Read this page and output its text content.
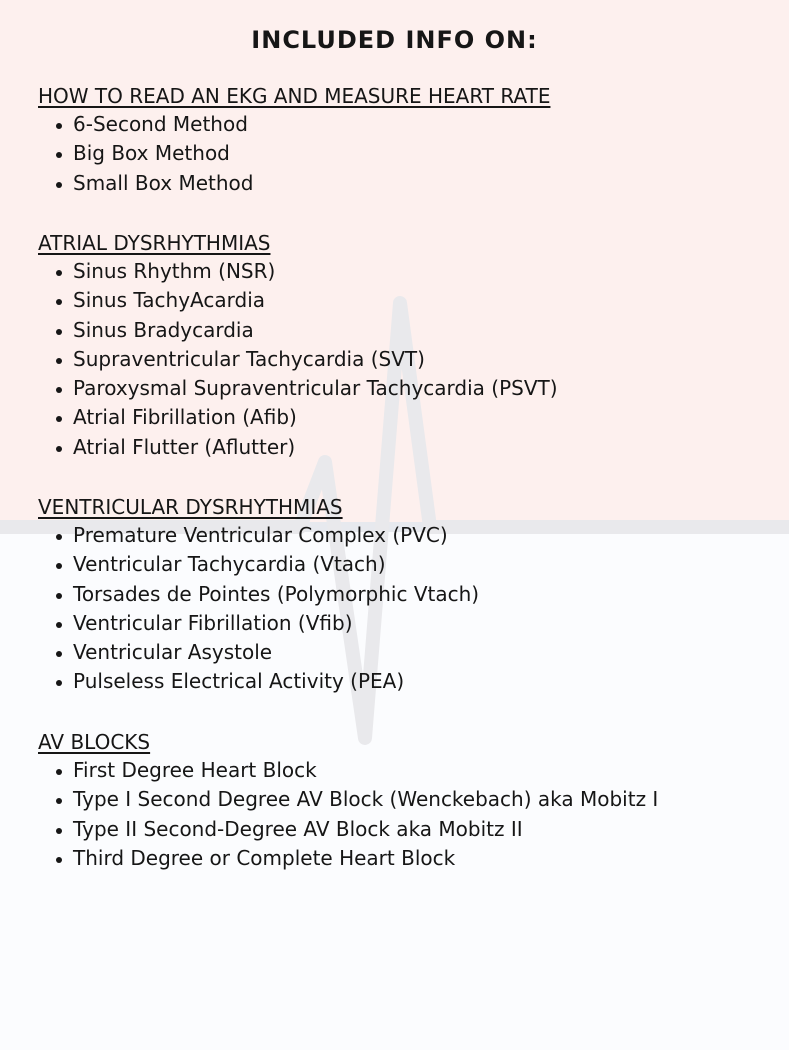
INCLUDED INFO ON:
HOW TO READ AN EKG AND MEASURE HEART RATE
6-Second Method
Big Box Method
Small Box Method
ATRIAL DYSRHYTHMIAS
Sinus Rhythm (NSR)
Sinus TachyAcardia
Sinus Bradycardia
Supraventricular Tachycardia (SVT)
Paroxysmal Supraventricular Tachycardia (PSVT)
Atrial Fibrillation (Afib)
Atrial Flutter (Aflutter)
VENTRICULAR DYSRHYTHMIAS
Premature Ventricular Complex (PVC)
Ventricular Tachycardia (Vtach)
Torsades de Pointes (Polymorphic Vtach)
Ventricular Fibrillation (Vfib)
Ventricular Asystole
Pulseless Electrical Activity (PEA)
AV BLOCKS
First Degree Heart Block
Type I Second Degree AV Block (Wenckebach) aka Mobitz I
Type II Second-Degree AV Block aka Mobitz II
Third Degree or Complete Heart Block
